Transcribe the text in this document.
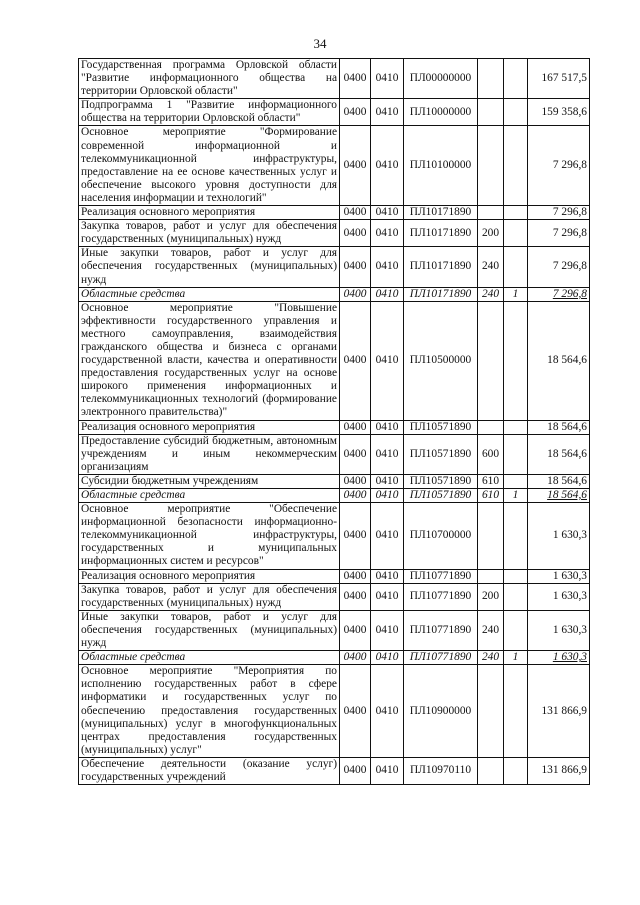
34
Государственная программа Орловской области "Развитие информационного общества на территории Орловской области"	0400	0410	ПЛ00000000			167 517,5
Подпрограмма 1 "Развитие информационного общества на территории Орловской области"	0400	0410	ПЛ10000000			159 358,6
Основное мероприятие "Формирование современной информационной и телекоммуникационной инфраструктуры, предоставление на ее основе качественных услуг и обеспечение высокого уровня доступности для населения информации и технологий"	0400	0410	ПЛ10100000			7 296,8
Реализация основного мероприятия	0400	0410	ПЛ10171890			7 296,8
Закупка товаров, работ и услуг для обеспечения государственных (муниципальных) нужд	0400	0410	ПЛ10171890	200		7 296,8
Иные закупки товаров, работ и услуг для обеспечения государственных (муниципальных) нужд	0400	0410	ПЛ10171890	240		7 296,8
Областные средства	0400	0410	ПЛ10171890	240	1	7 296,8
Основное мероприятие "Повышение эффективности государственного управления и местного самоуправления, взаимодействия гражданского общества и бизнеса с органами государственной власти, качества и оперативности предоставления государственных услуг на основе широкого применения информационных и телекоммуникационных технологий (формирование электронного правительства)"	0400	0410	ПЛ10500000			18 564,6
Реализация основного мероприятия	0400	0410	ПЛ10571890			18 564,6
Предоставление субсидий бюджетным, автономным учреждениям и иным некоммерческим организациям	0400	0410	ПЛ10571890	600		18 564,6
Субсидии бюджетным учреждениям	0400	0410	ПЛ10571890	610		18 564,6
Областные средства	0400	0410	ПЛ10571890	610	1	18 564,6
Основное мероприятие "Обеспечение информационной безопасности информационно-телекоммуникационной инфраструктуры, государственных и муниципальных информационных систем и ресурсов"	0400	0410	ПЛ10700000			1 630,3
Реализация основного мероприятия	0400	0410	ПЛ10771890			1 630,3
Закупка товаров, работ и услуг для обеспечения государственных (муниципальных) нужд	0400	0410	ПЛ10771890	200		1 630,3
Иные закупки товаров, работ и услуг для обеспечения государственных (муниципальных) нужд	0400	0410	ПЛ10771890	240		1 630,3
Областные средства	0400	0410	ПЛ10771890	240	1	1 630,3
Основное мероприятие "Мероприятия по исполнению государственных работ в сфере информатики и государственных услуг по обеспечению предоставления государственных (муниципальных) услуг в многофункциональных центрах предоставления государственных (муниципальных) услуг"	0400	0410	ПЛ10900000			131 866,9
Обеспечение деятельности (оказание услуг) государственных учреждений	0400	0410	ПЛ10970110			131 866,9
